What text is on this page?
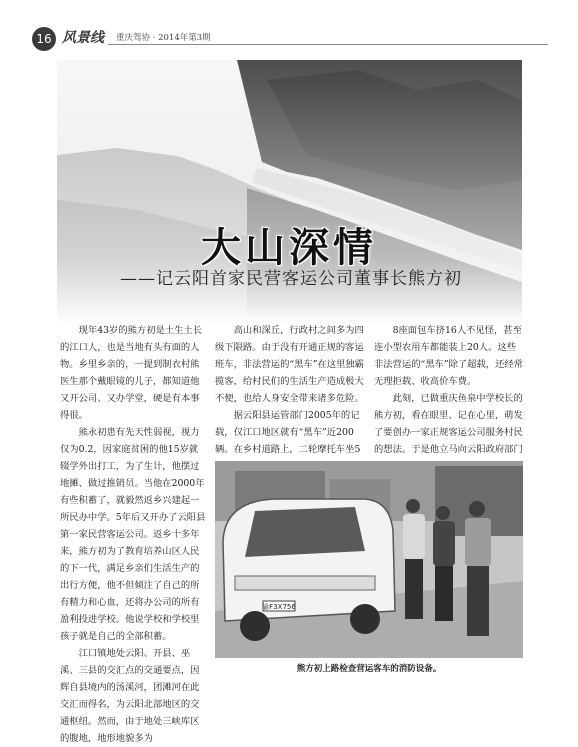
16 风景线 重庆驾协 · 2014年第3期
大山深情
——记云阳首家民营客运公司董事长熊方初

现年43岁的熊方初是土生土长的江口人，也是当地有头有面的人物。乡里乡亲的，一提到制衣村熊医生那个戴眼镜的儿子，都知道他又开公司、又办学堂，硬是有本事得很。

熊永初患有先天性弱视，视力仅为0.2，因家庭贫困的他15岁就辍学外出打工，为了生计，他摆过地摊、做过推销员。当他在2000年有些积蓄了，就毅然返乡兴建起一所民办中学。5年后又开办了云阳县第一家民营客运公司。返乡十多年来，熊方初为了教育培养山区人民的下一代，满足乡亲们生活生产的出行方便，他不但倾注了自己的所有精力和心血，还将办公司的所有盈利投进学校。他说学校和学校里孩子就是自己的全部积蓄。

江口镇地处云阳、开县、巫溪、三县的交汇点的交通要点，因辉自县境内的汤溪河，团滩河在此交汇而得名，为云阳北部地区的交通枢纽。然而，由于地处三峡库区的腹地，地形地貌多为

高山和深丘，行政村之间多为四级下限路。由于没有开通正规的客运班车，非法营运的“黑车”在这里独霸揽客，给村民们的生活生产造成极大不便，也给人身安全带来诸多危险。

据云阳县运管部门2005年的记载，仅江口地区就有“黑车”近200辆。在乡村道路上，二轮摩托车坐5

8座面包车挤16人不见怪，甚至连小型农用车都能装上20人。这些非法营运的“黑车”除了超载，还经常无理拒载、收高价车费。

此刻，已做重庆鱼泉中学校长的熊方初，看在眼里、记在心里，萌发了要创办一家正规客运公司服务村民的想法。于是他立马向云阳政府部门

渝F3X756
熊方初上路检查营运客车的消防设备。
